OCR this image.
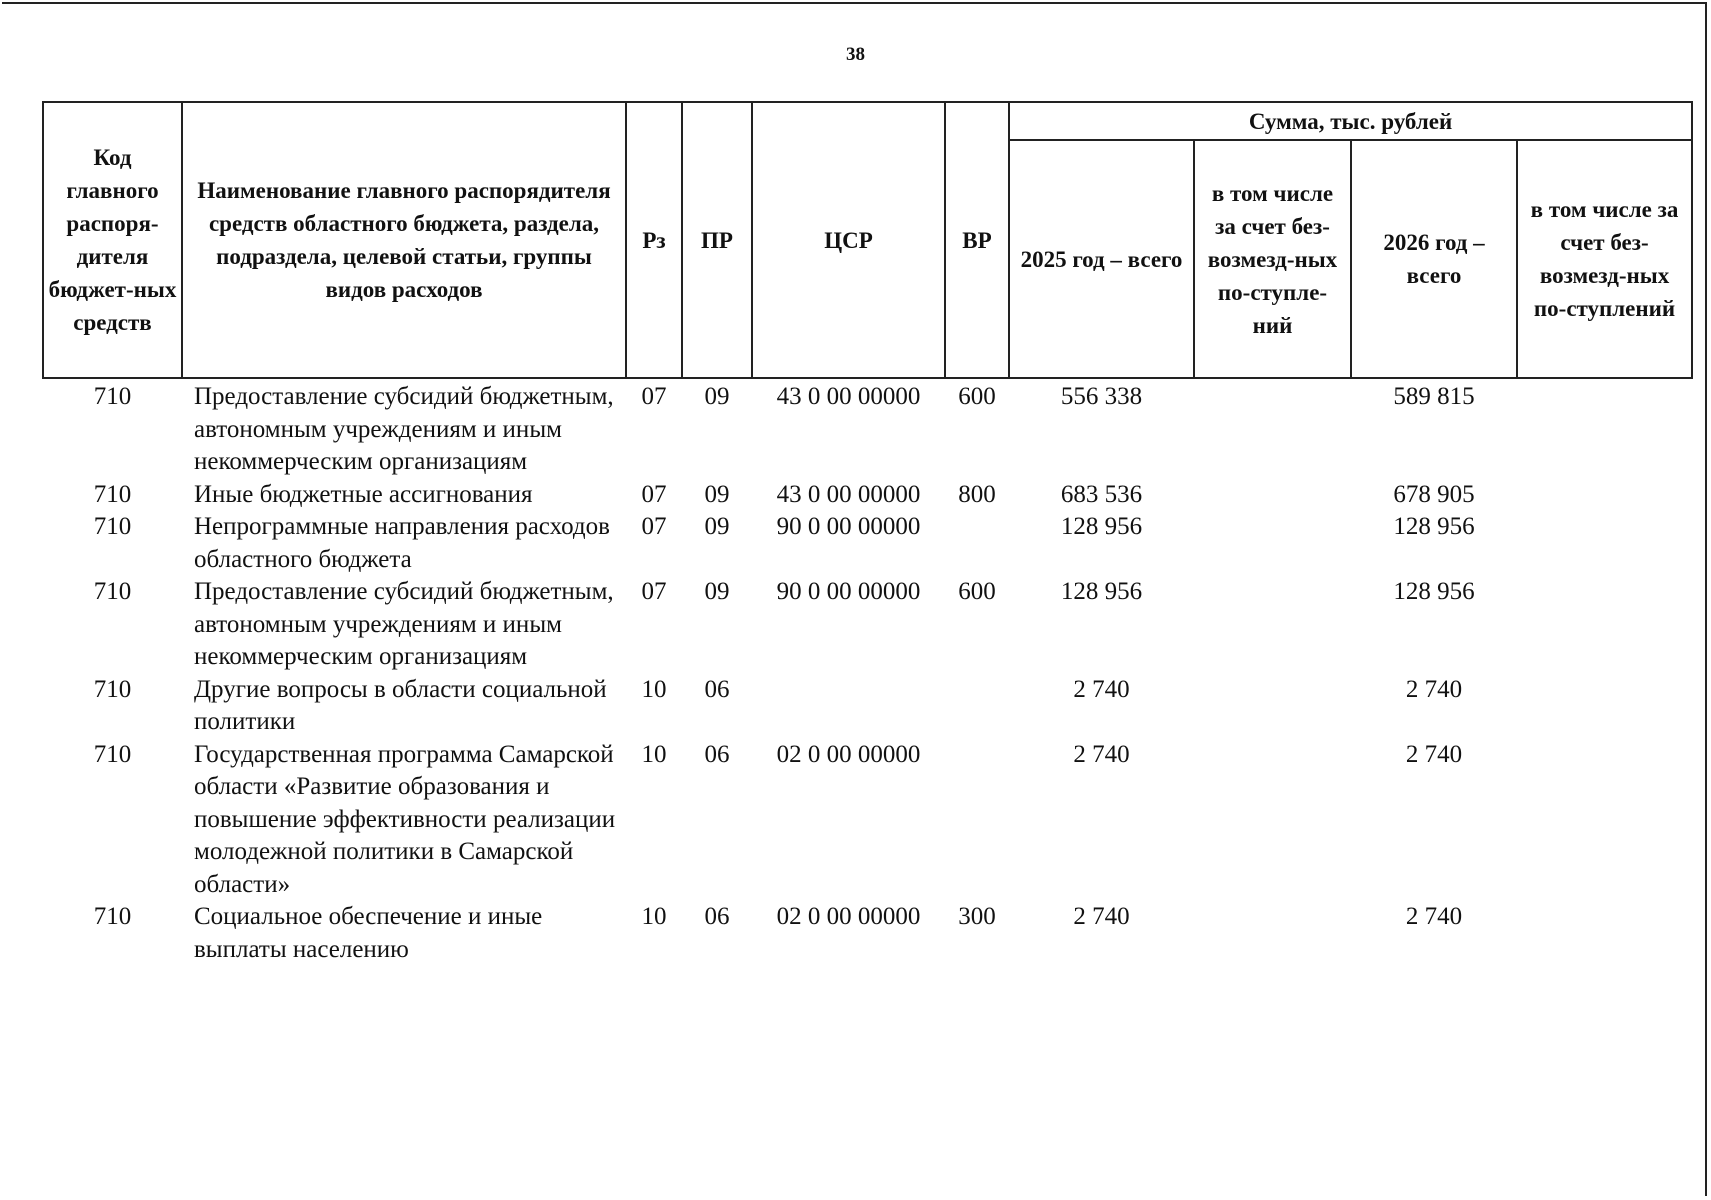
38
Код главного распоря-дителя бюджет-ных средств	Наименование главного распорядителя средств областного бюджета, раздела, подраздела, целевой статьи, группы видов расходов	Рз	ПР	ЦСР	ВР	Сумма, тыс. рублей			
						2025 год – всего	в том числе за счет без-возмезд-ных по-ступле-ний	2026 год – всего	в том числе за счет без-возмезд-ных по-ступлений
710	Предоставление субсидий бюджетным, автономным учреждениям и иным некоммерческим организациям	07	09	43 0 00 00000	600	556 338		589 815	
710	Иные бюджетные ассигнования	07	09	43 0 00 00000	800	683 536		678 905	
710	Непрограммные направления расходов областного бюджета	07	09	90 0 00 00000		128 956		128 956	
710	Предоставление субсидий бюджетным, автономным учреждениям и иным некоммерческим организациям	07	09	90 0 00 00000	600	128 956		128 956	
710	Другие вопросы в области социальной политики	10	06			2 740		2 740	
710	Государственная программа Самарской области «Развитие образования и повышение эффективности реализации молодежной политики в Самарской области»	10	06	02 0 00 00000		2 740		2 740	
710	Социальное обеспечение и иные выплаты населению	10	06	02 0 00 00000	300	2 740		2 740	
